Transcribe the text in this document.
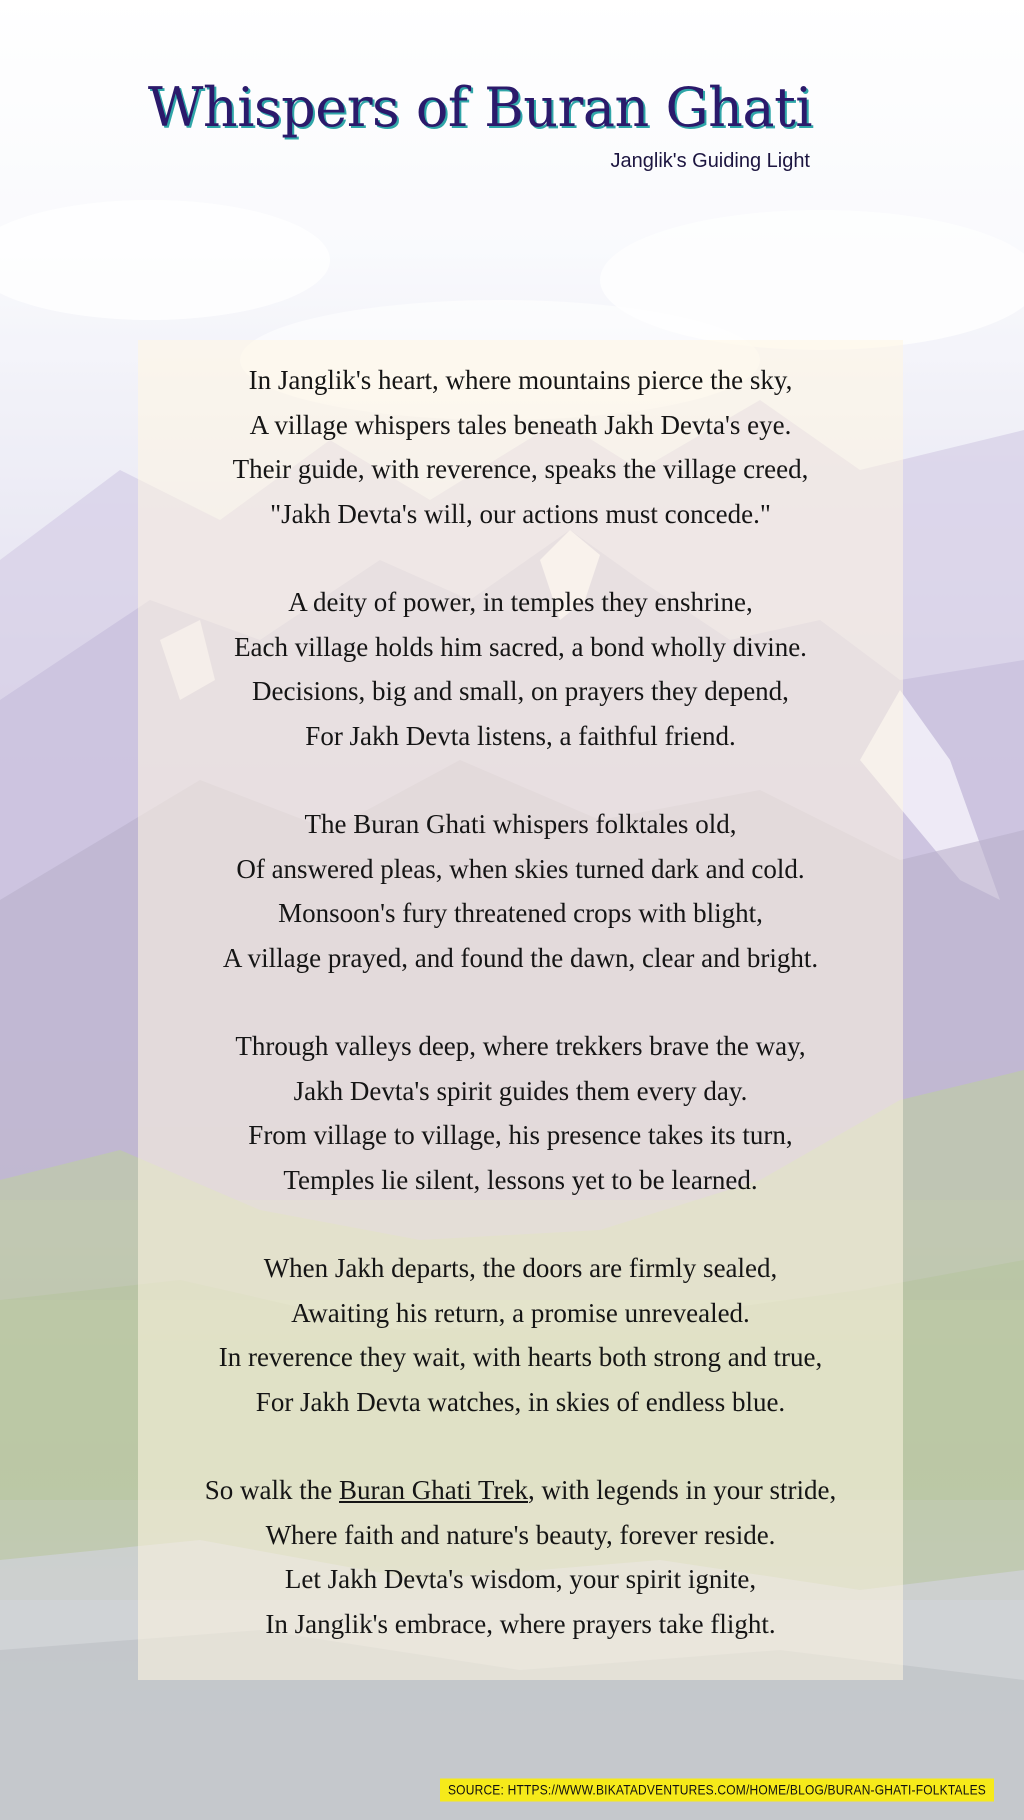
Whispers of Buran Ghati
Janglik's Guiding Light
In Janglik's heart, where mountains pierce the sky,
A village whispers tales beneath Jakh Devta's eye.
Their guide, with reverence, speaks the village creed,
"Jakh Devta's will, our actions must concede."
A deity of power, in temples they enshrine,
Each village holds him sacred, a bond wholly divine.
Decisions, big and small, on prayers they depend,
For Jakh Devta listens, a faithful friend.
The Buran Ghati whispers folktales old,
Of answered pleas, when skies turned dark and cold.
Monsoon's fury threatened crops with blight,
A village prayed, and found the dawn, clear and bright.
Through valleys deep, where trekkers brave the way,
Jakh Devta's spirit guides them every day.
From village to village, his presence takes its turn,
Temples lie silent, lessons yet to be learned.
When Jakh departs, the doors are firmly sealed,
Awaiting his return, a promise unrevealed.
In reverence they wait, with hearts both strong and true,
For Jakh Devta watches, in skies of endless blue.
So walk the Buran Ghati Trek, with legends in your stride,
Where faith and nature's beauty, forever reside.
Let Jakh Devta's wisdom, your spirit ignite,
In Janglik's embrace, where prayers take flight.
SOURCE: HTTPS://WWW.BIKATADVENTURES.COM/HOME/BLOG/BURAN-GHATI-FOLKTALES
